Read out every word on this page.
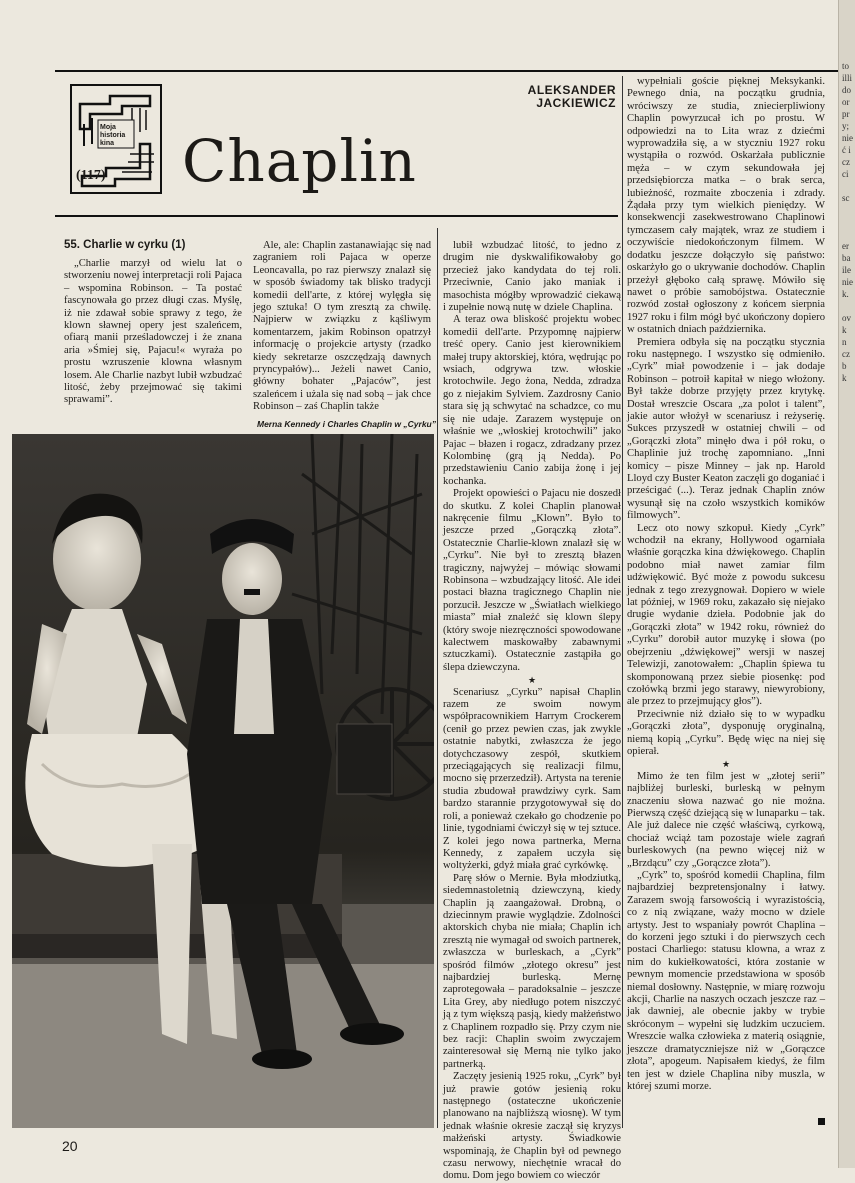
to
illi
do
or
pr
y;
nie
ć i
cz
ci

sc

er
ba
ile
nie
k.

ov
k
n
cz
b
k

Moja historia kina
(117)
ALEKSANDER JACKIEWICZ
Chaplin
55. Charlie w cyrku (1)

„Charlie marzył od wielu lat o stworzeniu nowej interpretacji roli Pajaca – wspomina Robinson. – Ta postać fascynowała go przez długi czas. Myślę, iż nie zdawał sobie sprawy z tego, że klown sławnej opery jest szaleńcem, ofiarą manii prześladowczej i że znana aria »Śmiej się, Pajacu!« wyraża po prostu wzruszenie klowna własnym losem. Ale Charlie nazbyt lubił wzbudzać litość, żeby przejmować się takimi sprawami”.

Ale, ale: Chaplin zastanawiając się nad zagraniem roli Pajaca w operze Leoncavalla, po raz pierwszy znalazł się w sposób świadomy tak blisko tradycji komedii dell'arte, z której wylęgła się jego sztuka! O tym zresztą za chwilę. Najpierw w związku z kąśliwym komentarzem, jakim Robinson opatrzył informację o projekcie artysty (rzadko kiedy sekretarze oszczędzają dawnych pryncypałów)... Jeżeli nawet Canio, główny bohater „Pajaców”, jest szaleńcem i użala się nad sobą – jak chce Robinson – zaś Chaplin także

lubił wzbudzać litość, to jedno z drugim nie dyskwalifikowałoby go przecież jako kandydata do tej roli. Przeciwnie, Canio jako maniak i masochista mógłby wprowadzić ciekawą i zupełnie nową nutę w dziele Chaplina.

A teraz owa bliskość projektu wobec komedii dell'arte. Przypomnę najpierw treść opery. Canio jest kierownikiem małej trupy aktorskiej, która, wędrując po wsiach, odgrywa tzw. włoskie krotochwile. Jego żona, Nedda, zdradza go z niejakim Sylviem. Zazdrosny Canio stara się ją schwytać na schadzce, co mu się nie udaje. Zarazem występuje on właśnie we „włoskiej krotochwili” jako Pajac – błazen i rogacz, zdradzany przez Kolombinę (grą ją Nedda). Po przedstawieniu Canio zabija żonę i jej kochanka.

Projekt opowieści o Pajacu nie doszedł do skutku. Z kolei Chaplin planował nakręcenie filmu „Klown”. Było to jeszcze przed „Gorączką złota”. Ostatecznie Charlie-klown znalazł się w „Cyrku”. Nie był to zresztą błazen tragiczny, najwyżej – mówiąc słowami Robinsona – wzbudzający litość. Ale idei postaci błazna tragicznego Chaplin nie porzucił. Jeszcze w „Światłach wielkiego miasta” miał znaleźć się klown ślepy (który swoje niezręczności spowodowane kalectwem maskowałby zabawnymi sztuczkami). Ostatecznie zastąpiła go ślepa dziewczyna.

★

Scenariusz „Cyrku” napisał Chaplin razem ze swoim nowym współpracownikiem Harrym Crockerem (cenił go przez pewien czas, jak zwykle ostatnie nabytki, zwłaszcza że jego dotychczasowy zespół, skutkiem przeciągających się realizacji filmu, mocno się przerzedził). Artysta na terenie studia zbudował prawdziwy cyrk. Sam bardzo starannie przygotowywał się do roli, a ponieważ czekało go chodzenie po linie, tygodniami ćwiczył się w tej sztuce. Z kolei jego nowa partnerka, Merna Kennedy, z zapałem uczyła się woltyżerki, gdyż miała grać cyrkówkę.

Parę słów o Mernie. Była młodziutką, siedemnastoletnią dziewczyną, kiedy Chaplin ją zaangażował. Drobną, o dziecinnym prawie wyglądzie. Zdolności aktorskich chyba nie miała; Chaplin ich zresztą nie wymagał od swoich partnerek, zwłaszcza w burleskach, a „Cyrk” spośród filmów „złotego okresu” jest najbardziej burleską. Mernę zaprotegowała – paradoksalnie – jeszcze Lita Grey, aby niedługo potem niszczyć ją z tym większą pasją, kiedy małżeństwo z Chaplinem rozpadło się. Przy czym nie bez racji: Chaplin swoim zwyczajem zainteresował się Merną nie tylko jako partnerką.

Zaczęty jesienią 1925 roku, „Cyrk” był już prawie gotów jesienią roku następnego (ostateczne ukończenie planowano na najbliższą wiosnę). W tym jednak właśnie okresie zaczął się kryzys małżeński artysty. Świadkowie wspominają, że Chaplin był od pewnego czasu nerwowy, niechętnie wracał do domu. Dom jego bowiem co wieczór

wypełniali goście pięknej Meksykanki. Pewnego dnia, na początku grudnia, wróciwszy ze studia, zniecierpliwiony Chaplin powyrzucał ich po prostu. W odpowiedzi na to Lita wraz z dziećmi wyprowadziła się, a w styczniu 1927 roku wystąpiła o rozwód. Oskarżała publicznie męża – w czym sekundowała jej przedsiębiorcza matka – o brak serca, lubieżność, rozmaite zboczenia i zdrady. Żądała przy tym wielkich pieniędzy. W konsekwencji zasekwestrowano Chaplinowi tymczasem cały majątek, wraz ze studiem i oczywiście niedokończonym filmem. W dodatku jeszcze dołączyło się państwo: oskarżyło go o ukrywanie dochodów. Chaplin przeżył głęboko całą sprawę. Mówiło się nawet o próbie samobójstwa. Ostatecznie rozwód został ogłoszony z końcem sierpnia 1927 roku i film mógł być ukończony dopiero w ostatnich dniach października.

Premiera odbyła się na początku stycznia roku następnego. I wszystko się odmieniło. „Cyrk” miał powodzenie i – jak dodaje Robinson – potroił kapitał w niego włożony. Był także dobrze przyjęty przez krytykę. Dostał wreszcie Oscara „za polot i talent”, jakie autor włożył w scenariusz i reżyserię. Sukces przyszedł w ostatniej chwili – od „Gorączki złota” minęło dwa i pół roku, o Chaplinie już trochę zapomniano. „Inni komicy – pisze Minney – jak np. Harold Lloyd czy Buster Keaton zaczęli go doganiać i prześcigać (...). Teraz jednak Chaplin znów wysunął się na czoło wszystkich komików filmowych”.

Lecz oto nowy szkopuł. Kiedy „Cyrk” wchodził na ekrany, Hollywood ogarniała właśnie gorączka kina dźwiękowego. Chaplin podobno miał nawet zamiar film udźwiękowić. Być może z powodu sukcesu jednak z tego zrezygnował. Dopiero w wiele lat później, w 1969 roku, zakazało się niejako drugie wydanie dzieła. Podobnie jak do „Gorączki złota” w 1942 roku, również do „Cyrku” dorobił autor muzykę i słowa (po obejrzeniu „dźwiękowej” wersji w naszej Telewizji, zanotowałem: „Chaplin śpiewa tu skomponowaną przez siebie piosenkę: pod czołówką brzmi jego starawy, niewyrobiony, ale przez to przejmujący głos”).

Przeciwnie niż działo się to w wypadku „Gorączki złota”, dysponuję oryginalną, niemą kopią „Cyrku”. Będę więc na niej się opierał.

★

Mimo że ten film jest w „złotej serii” najbliżej burleski, burleską w pełnym znaczeniu słowa nazwać go nie można. Pierwszą część dziejącą się w lunaparku – tak. Ale już dalece nie część właściwą, cyrkową, chociaż wciąż tam pozostaje wiele zagrań burleskowych (na pewno więcej niż w „Brzdącu” czy „Gorączce złota”).

„Cyrk” to, spośród komedii Chaplina, film najbardziej bezpretensjonalny i łatwy. Zarazem swoją farsowością i wyrazistością, co z nią związane, waży mocno w dziele artysty. Jest to wspaniały powrót Chaplina – do korzeni jego sztuki i do pierwszych cech postaci Charliego: statusu klowna, a wraz z nim do kukiełkowatości, która zostanie w pewnym momencie przedstawiona w sposób niemal dosłowny. Następnie, w miarę rozwoju akcji, Charlie na naszych oczach jeszcze raz – jak dawniej, ale obecnie jakby w trybie skróconym – wypełni się ludzkim uczuciem. Wreszcie walka człowieka z materią osiągnie, jeszcze dramatyczniejsze niż w „Gorączce złota”, apogeum. Napisałem kiedyś, że film ten jest w dziele Chaplina niby muszla, w której szumi morze.

Merna Kennedy i Charles Chaplin w „Cyrku”
20
